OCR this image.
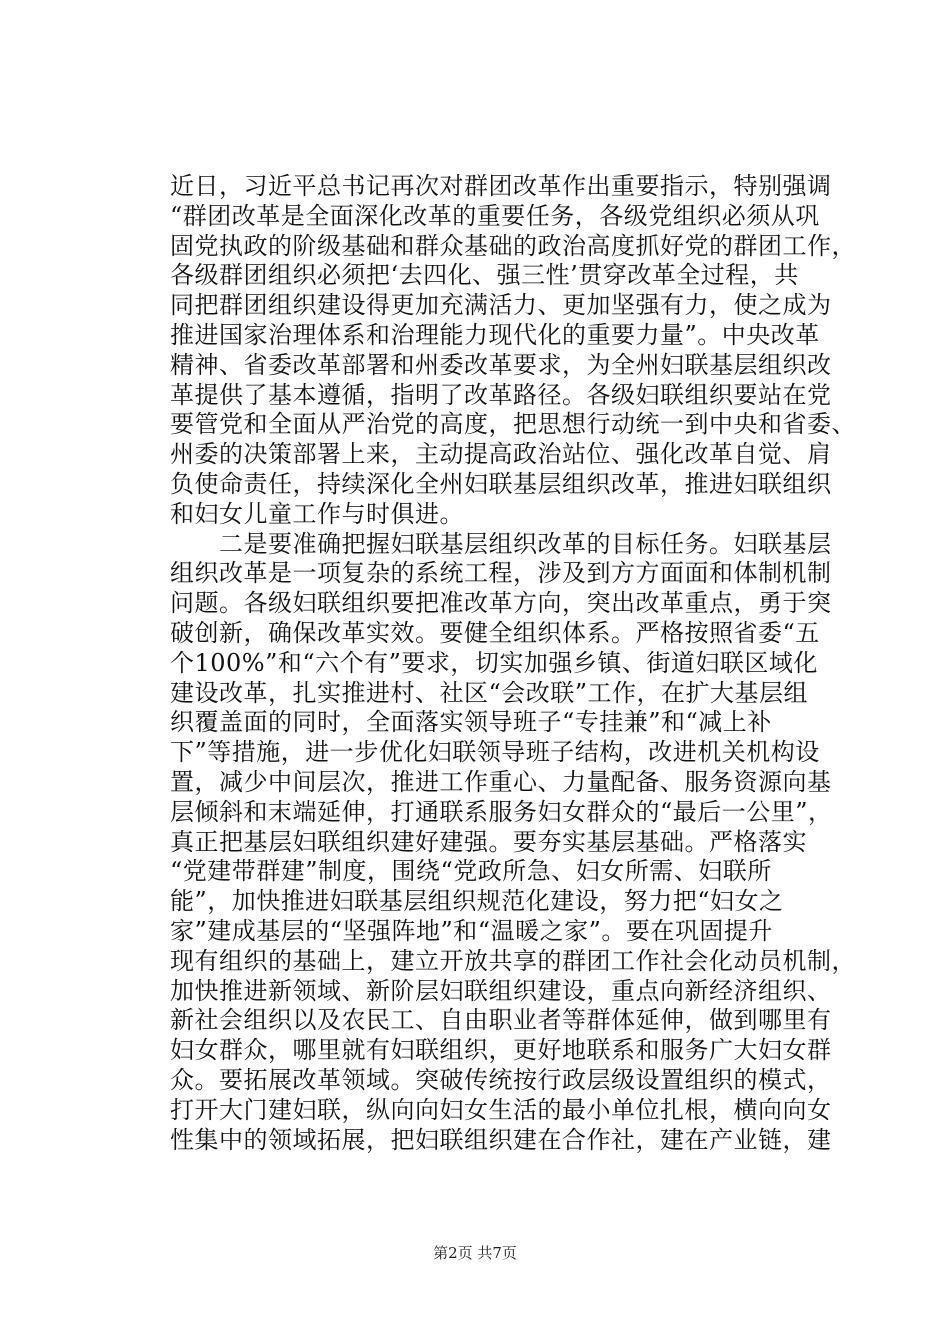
近日，习近平总书记再次对群团改革作出重要指示，特别强调
“群团改革是全面深化改革的重要任务，各级党组织必须从巩
固党执政的阶级基础和群众基础的政治高度抓好党的群团工作，
各级群团组织必须把‘去四化、强三性’贯穿改革全过程，共
同把群团组织建设得更加充满活力、更加坚强有力，使之成为
推进国家治理体系和治理能力现代化的重要力量”。中央改革
精神、省委改革部署和州委改革要求，为全州妇联基层组织改
革提供了基本遵循，指明了改革路径。各级妇联组织要站在党
要管党和全面从严治党的高度，把思想行动统一到中央和省委、
州委的决策部署上来，主动提高政治站位、强化改革自觉、肩
负使命责任，持续深化全州妇联基层组织改革，推进妇联组织
和妇女儿童工作与时俱进。
　　二是要准确把握妇联基层组织改革的目标任务。妇联基层
组织改革是一项复杂的系统工程，涉及到方方面面和体制机制
问题。各级妇联组织要把准改革方向，突出改革重点，勇于突
破创新，确保改革实效。要健全组织体系。严格按照省委“五
个100%”和“六个有”要求，切实加强乡镇、街道妇联区域化
建设改革，扎实推进村、社区“会改联”工作，在扩大基层组
织覆盖面的同时，全面落实领导班子“专挂兼”和“减上补
下”等措施，进一步优化妇联领导班子结构，改进机关机构设
置，减少中间层次，推进工作重心、力量配备、服务资源向基
层倾斜和末端延伸，打通联系服务妇女群众的“最后一公里”，
真正把基层妇联组织建好建强。要夯实基层基础。严格落实
“党建带群建”制度，围绕“党政所急、妇女所需、妇联所
能”，加快推进妇联基层组织规范化建设，努力把“妇女之
家”建成基层的“坚强阵地”和“温暖之家”。要在巩固提升
现有组织的基础上，建立开放共享的群团工作社会化动员机制，
加快推进新领域、新阶层妇联组织建设，重点向新经济组织、
新社会组织以及农民工、自由职业者等群体延伸，做到哪里有
妇女群众，哪里就有妇联组织，更好地联系和服务广大妇女群
众。要拓展改革领域。突破传统按行政层级设置组织的模式，
打开大门建妇联，纵向向妇女生活的最小单位扎根，横向向女
性集中的领域拓展，把妇联组织建在合作社，建在产业链，建
第2页 共7页
